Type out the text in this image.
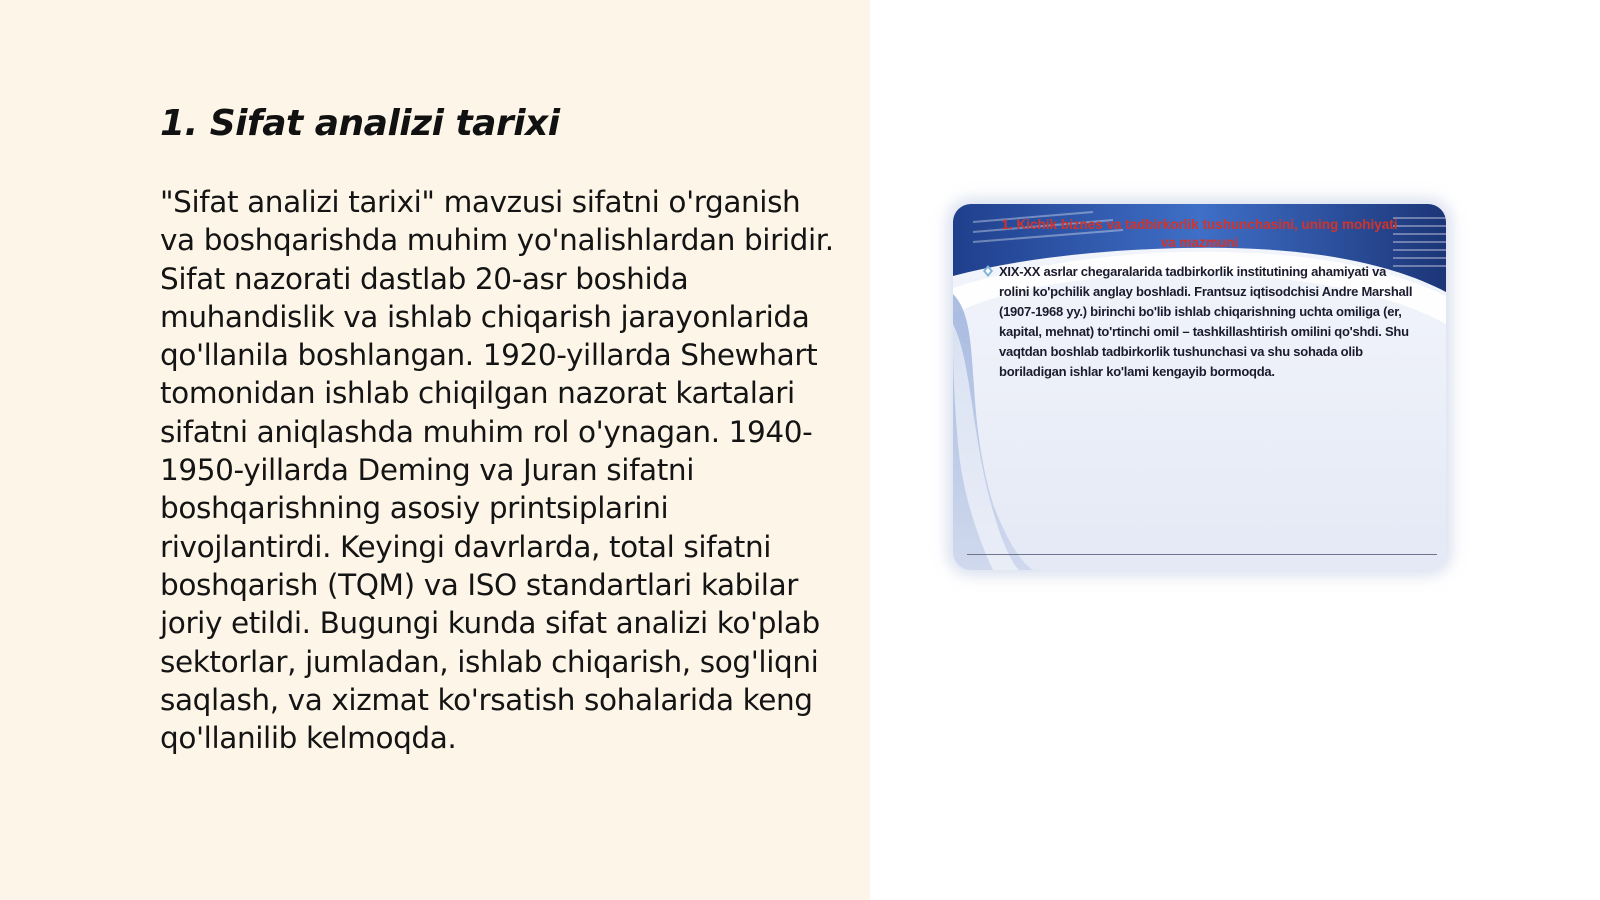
1. Sifat analizi tarixi

"Sifat analizi tarixi" mavzusi sifatni o'rganish va boshqarishda muhim yo'nalishlardan biridir. Sifat nazorati dastlab 20-asr boshida muhandislik va ishlab chiqarish jarayonlarida qo'llanila boshlangan. 1920-yillarda Shewhart tomonidan ishlab chiqilgan nazorat kartalari sifatni aniqlashda muhim rol o'ynagan. 1940-1950-yillarda Deming va Juran sifatni boshqarishning asosiy printsiplarini rivojlantirdi. Keyingi davrlarda, total sifatni boshqarish (TQM) va ISO standartlari kabilar joriy etildi. Bugungi kunda sifat analizi ko'plab sektorlar, jumladan, ishlab chiqarish, sog'liqni saqlash, va xizmat ko'rsatish sohalarida keng qo'llanilib kelmoqda.

1. Kichik biznes va tadbirkorlik tushunchasini, uning mohiyati va mazmuni

XIX-XX asrlar chegaralarida tadbirkorlik institutining ahamiyati va rolini ko'pchilik anglay boshladi. Frantsuz iqtisodchisi Andre Marshall (1907-1968 yy.) birinchi bo'lib ishlab chiqarishning uchta omiliga (er, kapital, mehnat) to'rtinchi omil – tashkillashtirish omilini qo'shdi. Shu vaqtdan boshlab tadbirkorlik tushunchasi va shu sohada olib boriladigan ishlar ko'lami kengayib bormoqda.
